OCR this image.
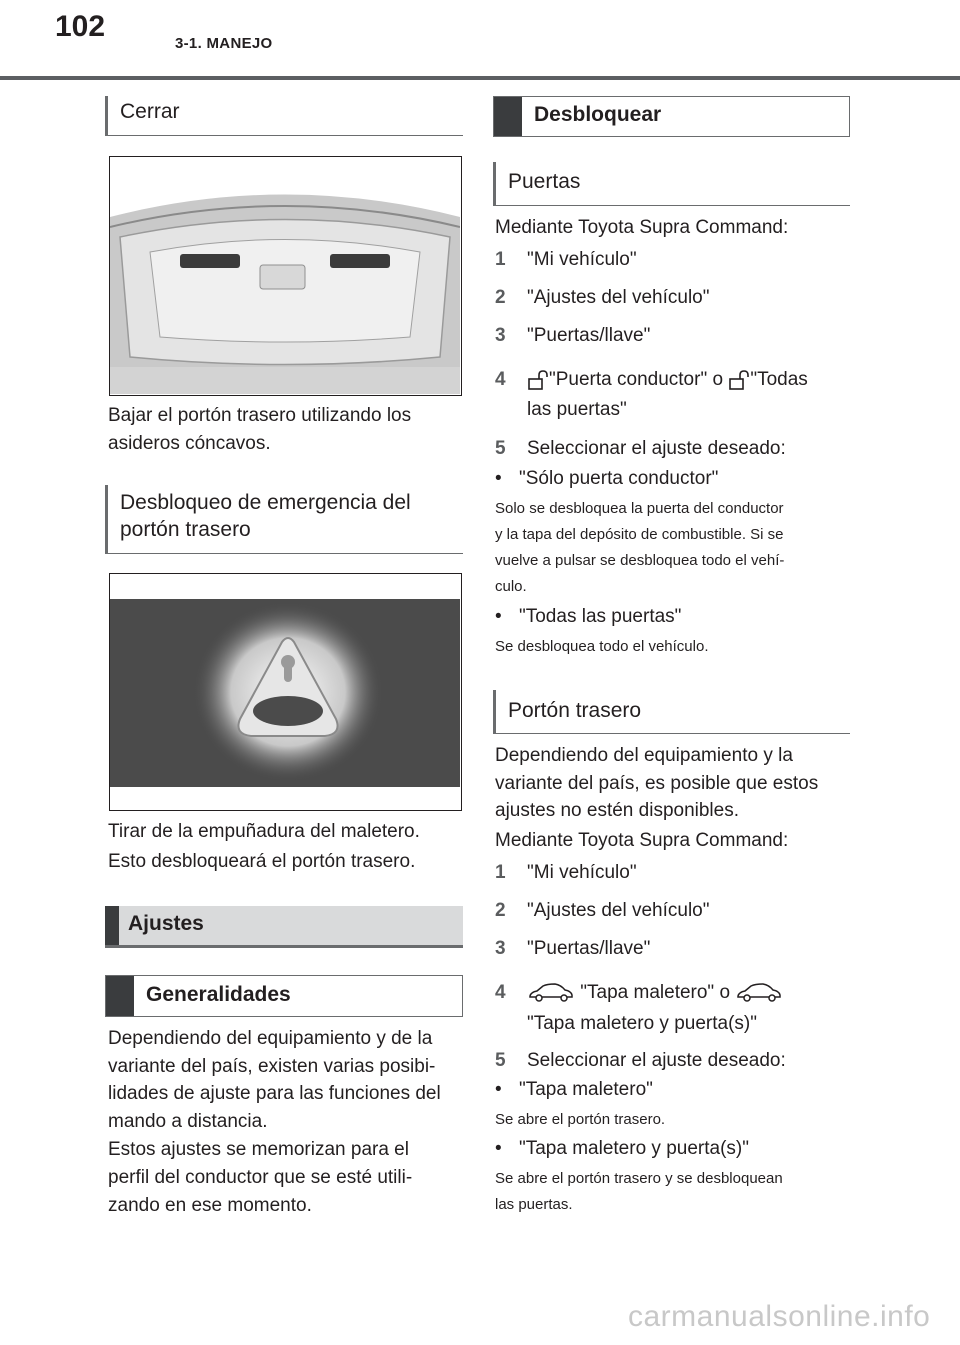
102
3-1. MANEJO
Cerrar
Bajar el portón trasero utilizando los
asideros cóncavos.
Desbloqueo de emergencia del
portón trasero
Tirar de la empuñadura del maletero.
Esto desbloqueará el portón trasero.
Ajustes
Generalidades
Dependiendo del equipamiento y de la
variante del país, existen varias posibi-
lidades de ajuste para las funciones del
mando a distancia.
Estos ajustes se memorizan para el
perfil del conductor que se esté utili-
zando en ese momento.
Desbloquear
Puertas
Mediante Toyota Supra Command:
1 "Mi vehículo"
2 "Ajustes del vehículo"
3 "Puertas/llave"
4 "Puerta conductor" o "Todas
las puertas"
5 Seleccionar el ajuste deseado:
• "Sólo puerta conductor"
Solo se desbloquea la puerta del conductor
y la tapa del depósito de combustible. Si se
vuelve a pulsar se desbloquea todo el vehí-
culo.
• "Todas las puertas"
Se desbloquea todo el vehículo.
Portón trasero
Dependiendo del equipamiento y la
variante del país, es posible que estos
ajustes no estén disponibles.
Mediante Toyota Supra Command:
1 "Mi vehículo"
2 "Ajustes del vehículo"
3 "Puertas/llave"
4	"Tapa maletero" o
"Tapa maletero y puerta(s)"
5 Seleccionar el ajuste deseado:
• "Tapa maletero"
Se abre el portón trasero.
• "Tapa maletero y puerta(s)"
Se abre el portón trasero y se desbloquean
las puertas.
carmanualsonline.info
